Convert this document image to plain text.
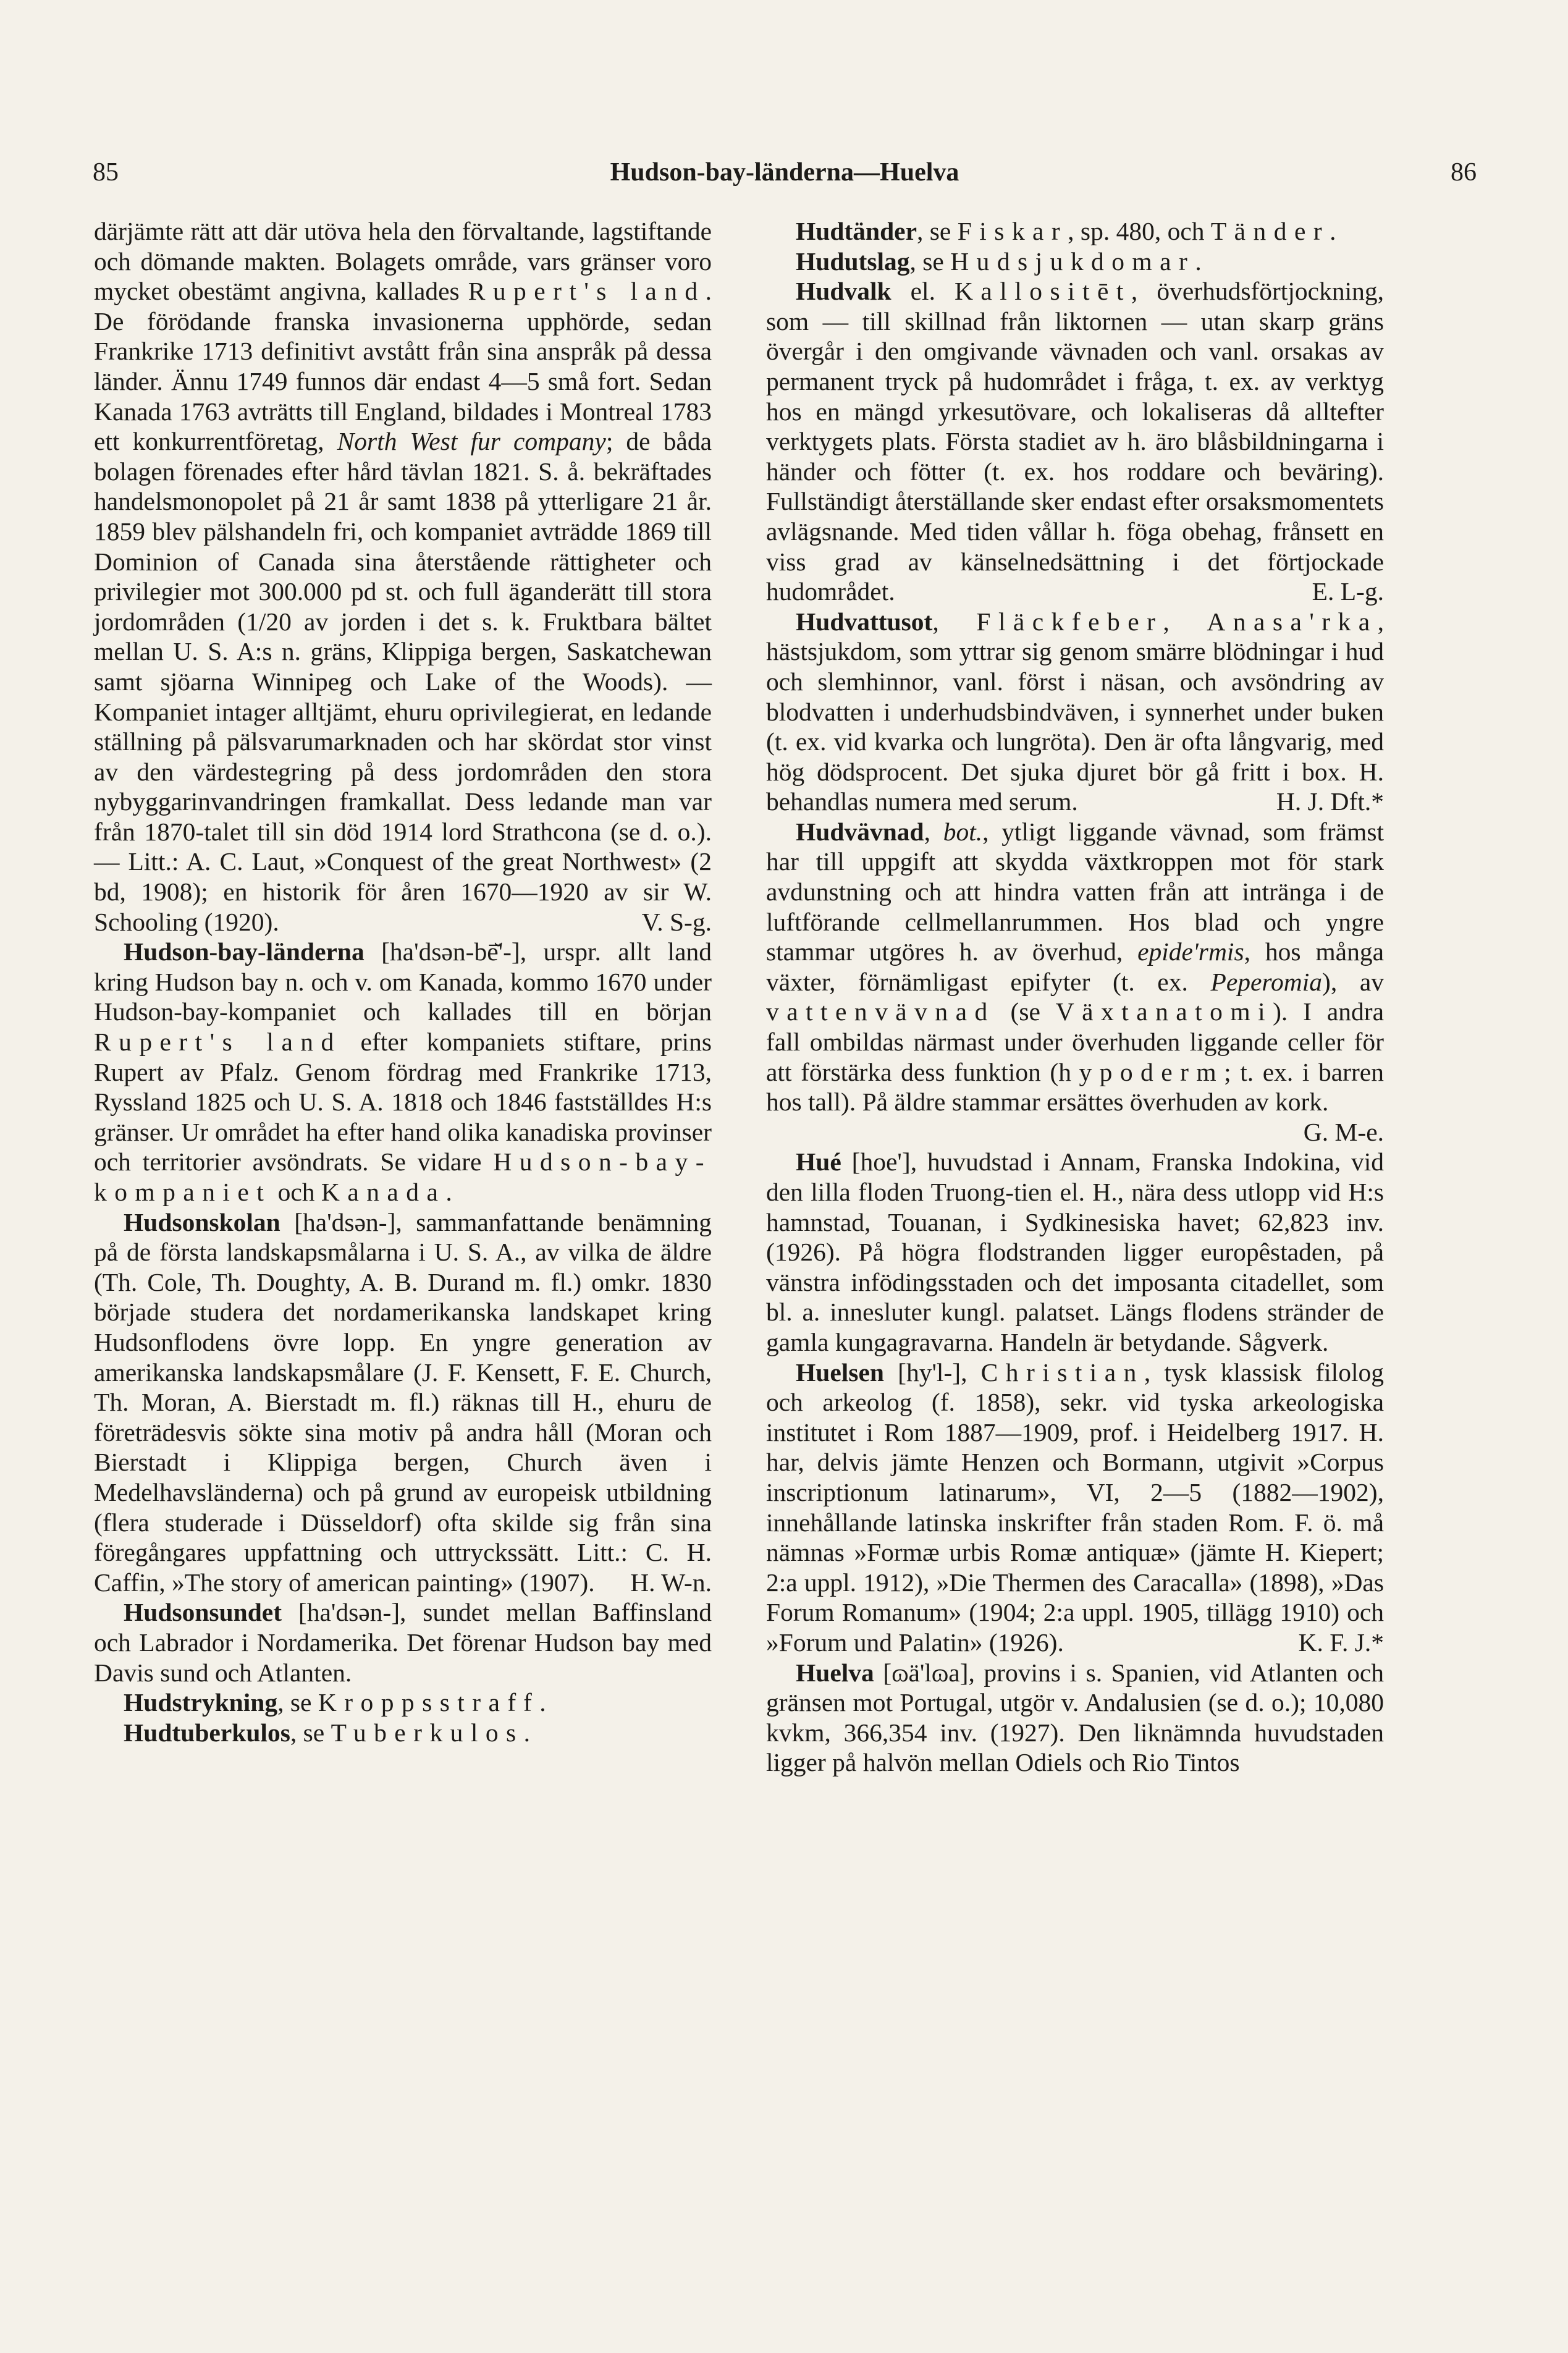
85	Hudson-bay-länderna—Huelva	86

därjämte rätt att där utöva hela den förvaltande, lagstiftande och dömande makten. Bolagets område, vars gränser voro mycket obestämt angivna, kallades Rupert's land. De förödande franska invasionerna upphörde, sedan Frankrike 1713 definitivt avstått från sina anspråk på dessa länder. Ännu 1749 funnos där endast 4—5 små fort. Sedan Kanada 1763 avträtts till England, bildades i Montreal 1783 ett konkurrentföretag, North West fur company; de båda bolagen förenades efter hård tävlan 1821. S. å. bekräftades handelsmonopolet på 21 år samt 1838 på ytterligare 21 år. 1859 blev pälshandeln fri, och kompaniet avträdde 1869 till Dominion of Canada sina återstående rättigheter och privilegier mot 300.000 pd st. och full äganderätt till stora jordområden (1/20 av jorden i det s. k. Fruktbara bältet mellan U. S. A:s n. gräns, Klippiga bergen, Saskatchewan samt sjöarna Winnipeg och Lake of the Woods). — Kompaniet intager alltjämt, ehuru oprivilegierat, en ledande ställning på pälsvarumarknaden och har skördat stor vinst av den värdestegring på dess jordområden den stora nybyggarinvandringen framkallat. Dess ledande man var från 1870-talet till sin död 1914 lord Strathcona (se d. o.). — Litt.: A. C. Laut, »Conquest of the great Northwest» (2 bd, 1908); en historik för åren 1670—1920 av sir W. Schooling (1920).	V. S-g.

Hudson-bay-länderna [ha'dsən-bē̆'-], urspr. allt land kring Hudson bay n. och v. om Kanada, kommo 1670 under Hudson-bay-kompaniet och kallades till en början Rupert's land efter kompaniets stiftare, prins Rupert av Pfalz. Genom fördrag med Frankrike 1713, Ryssland 1825 och U. S. A. 1818 och 1846 fastställdes H:s gränser. Ur området ha efter hand olika kanadiska provinser och territorier avsöndrats. Se vidare Hudson-bay-kompaniet och Kanada.

Hudsonskolan [ha'dsən-], sammanfattande benämning på de första landskapsmålarna i U. S. A., av vilka de äldre (Th. Cole, Th. Doughty, A. B. Durand m. fl.) omkr. 1830 började studera det nordamerikanska landskapet kring Hudsonflodens övre lopp. En yngre generation av amerikanska landskapsmålare (J. F. Kensett, F. E. Church, Th. Moran, A. Bierstadt m. fl.) räknas till H., ehuru de företrädesvis sökte sina motiv på andra håll (Moran och Bierstadt i Klippiga bergen, Church även i Medelhavsländerna) och på grund av europeisk utbildning (flera studerade i Düsseldorf) ofta skilde sig från sina föregångares uppfattning och uttryckssätt. Litt.: C. H. Caffin, »The story of american painting» (1907).	H. W-n.

Hudsonsundet [ha'dsən-], sundet mellan Baffinsland och Labrador i Nordamerika. Det förenar Hudson bay med Davis sund och Atlanten.

Hudstrykning, se Kroppsstraff.

Hudtuberkulos, se Tuberkulos.

Hudtänder, se Fiskar, sp. 480, och Tänder.

Hudutslag, se Hudsjukdomar.

Hudvalk el. Kallositēt, överhudsförtjockning, som — till skillnad från liktornen — utan skarp gräns övergår i den omgivande vävnaden och vanl. orsakas av permanent tryck på hudområdet i fråga, t. ex. av verktyg hos en mängd yrkesutövare, och lokaliseras då alltefter verktygets plats. Första stadiet av h. äro blåsbildningarna i händer och fötter (t. ex. hos roddare och beväring). Fullständigt återställande sker endast efter orsaksmomentets avlägsnande. Med tiden vållar h. föga obehag, frånsett en viss grad av känselnedsättning i det förtjockade hudområdet.	E. L-g.

Hudvattusot, Fläckfeber, Anasa'rka, hästsjukdom, som yttrar sig genom smärre blödningar i hud och slemhinnor, vanl. först i näsan, och avsöndring av blodvatten i underhudsbindväven, i synnerhet under buken (t. ex. vid kvarka och lungröta). Den är ofta långvarig, med hög dödsprocent. Det sjuka djuret bör gå fritt i box. H. behandlas numera med serum.	H. J. Dft.*

Hudvävnad, bot., ytligt liggande vävnad, som främst har till uppgift att skydda växtkroppen mot för stark avdunstning och att hindra vatten från att inträngа i de luftförande cellmellanrummen. Hos blad och yngre stammar utgöres h. av överhud, epide'rmis, hos många växter, förnämligast epifyter (t. ex. Peperomia), av vattenvävnad (se Växtanatomi). I andra fall ombildas närmast under överhuden liggande celler för att förstärka dess funktion (hypoderm; t. ex. i barren hos tall). På äldre stammar ersättes överhuden av kork.
G. M-e.

Hué [hoe'], huvudstad i Annam, Franska Indokina, vid den lilla floden Truong-tien el. H., nära dess utlopp vid H:s hamnstad, Touanan, i Sydkinesiska havet; 62,823 inv. (1926). På högra flodstranden ligger europêstaden, på vänstra infödingsstaden och det imposanta citadellet, som bl. a. innesluter kungl. palatset. Längs flodens stränder de gamla kungagravarna. Handeln är betydande. Sågverk.

Huelsen [hy'l-], Christian, tysk klassisk filolog och arkeolog (f. 1858), sekr. vid tyska arkeologiska institutet i Rom 1887—1909, prof. i Heidelberg 1917. H. har, delvis jämte Henzen och Bormann, utgivit »Corpus inscriptionum latinarum», VI, 2—5 (1882—1902), innehållande latinska inskrifter från staden Rom. F. ö. må nämnas »Formæ urbis Romæ antiquæ» (jämte H. Kiepert; 2:a uppl. 1912), »Die Thermen des Caracalla» (1898), »Das Forum Romanum» (1904; 2:a uppl. 1905, tillägg 1910) och »Forum und Palatin» (1926).	K. F. J.*

Huelva [ɷä'lɷa], provins i s. Spanien, vid Atlanten och gränsen mot Portugal, utgör v. Andalusien (se d. o.); 10,080 kvkm, 366,354 inv. (1927). Den liknämnda huvudstaden ligger på halvön mellan Odiels och Rio Tintos
